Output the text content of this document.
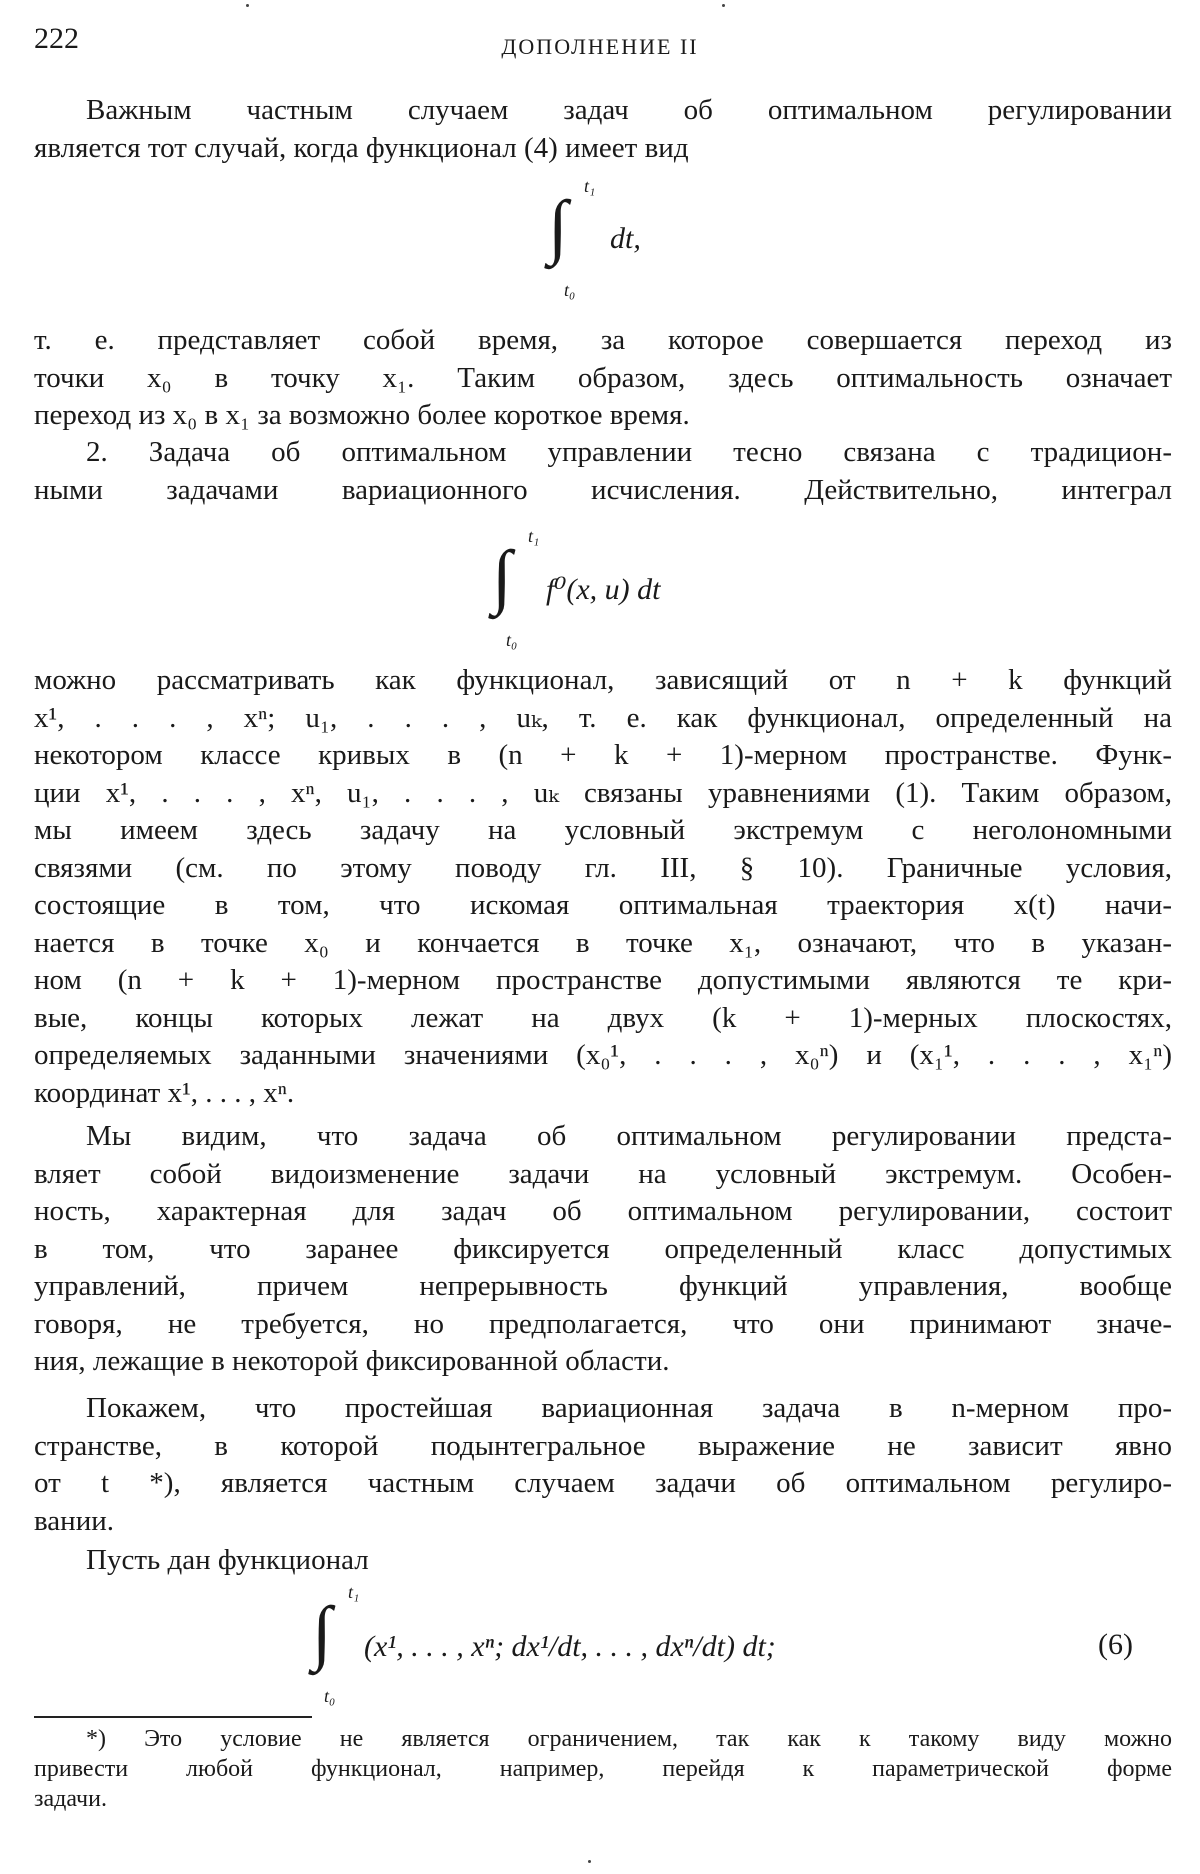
222	ДОПОЛНЕНИЕ II
Важным частным случаем задач об оптимальном регулировании
является тот случай, когда функционал (4) имеет вид
t₁
∫ dt,
t₀
т. е. представляет собой время, за которое совершается переход из
точки x₀ в точку x₁. Таким образом, здесь оптимальность означает
переход из x₀ в x₁ за возможно более короткое время.
2. Задача об оптимальном управлении тесно связана с традицион-
ными задачами вариационного исчисления. Действительно, интеграл
t₁
∫ f⁰(x, u) dt
t₀
можно рассматривать как функционал, зависящий от n + k функций
x¹, . . . , xⁿ; u₁, . . . , uₖ, т. е. как функционал, определенный на
некотором классе кривых в (n + k + 1)-мерном пространстве. Функ-
ции x¹, . . . , xⁿ, u₁, . . . , uₖ связаны уравнениями (1). Таким образом,
мы имеем здесь задачу на условный экстремум с неголономными
связями (см. по этому поводу гл. III, § 10). Граничные условия,
состоящие в том, что искомая оптимальная траектория x(t) начи-
нается в точке x₀ и кончается в точке x₁, означают, что в указан-
ном (n + k + 1)-мерном пространстве допустимыми являются те кри-
вые, концы которых лежат на двух (k + 1)-мерных плоскостях,
определяемых заданными значениями (x₀¹, . . . , x₀ⁿ) и (x₁¹, . . . , x₁ⁿ)
координат x¹, . . . , xⁿ.
Мы видим, что задача об оптимальном регулировании предста-
вляет собой видоизменение задачи на условный экстремум. Особен-
ность, характерная для задач об оптимальном регулировании, состоит
в том, что заранее фиксируется определенный класс допустимых
управлений, причем непрерывность функций управления, вообще
говоря, не требуется, но предполагается, что они принимают значе-
ния, лежащие в некоторой фиксированной области.
Покажем, что простейшая вариационная задача в n-мерном про-
странстве, в которой подынтегральное выражение не зависит явно
от t *), является частным случаем задачи об оптимальном регулиро-
вании.
Пусть дан функционал
t₁
∫ (x¹, . . . , xⁿ; dx¹/dt, . . . , dxⁿ/dt) dt;
t₀
(6)
*) Это условие не является ограничением, так как к такому виду можно
привести любой функционал, например, перейдя к параметрической форме
задачи.
